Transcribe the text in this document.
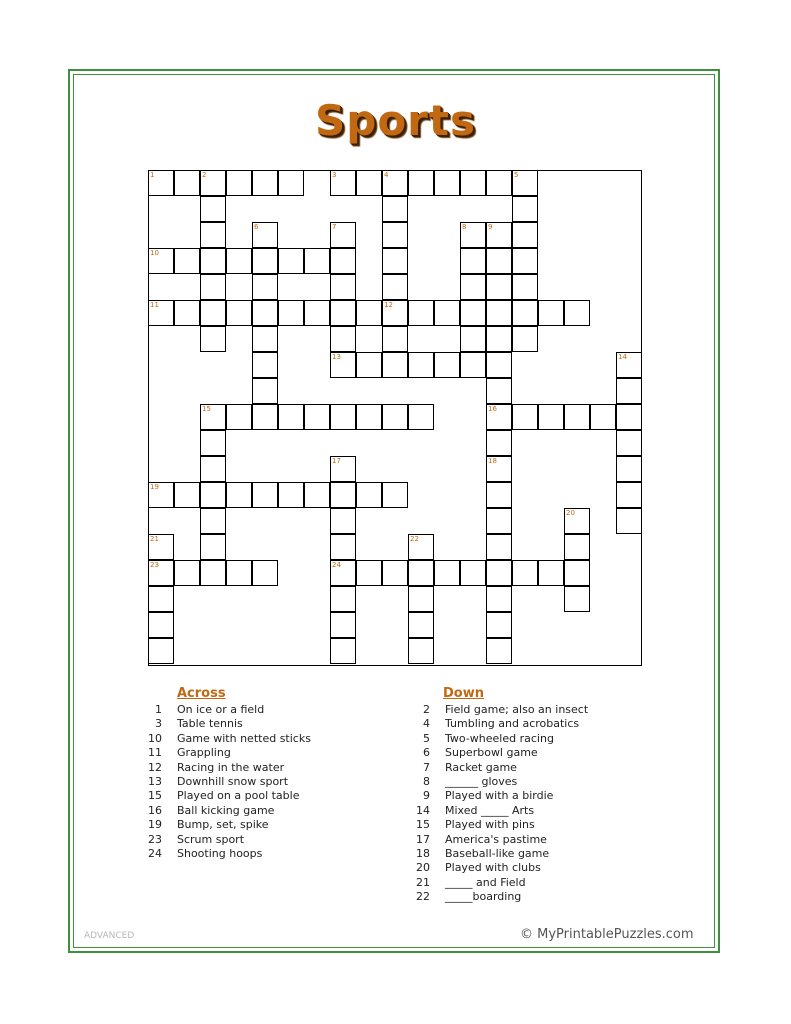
Sports
1	2	3	4	5
6	7	8	9
10
11	12
13	14
15	16
17	18
19
20
21	22
23	24
Across
1 On ice or a field
3 Table tennis
10 Game with netted sticks
11 Grappling
12 Racing in the water
13 Downhill snow sport
15 Played on a pool table
16 Ball kicking game
19 Bump, set, spike
23 Scrum sport
24 Shooting hoops
Down
2 Field game; also an insect
4 Tumbling and acrobatics
5 Two-wheeled racing
6 Superbowl game
7 Racket game
8 ______ gloves
9 Played with a birdie
14 Mixed _____ Arts
15 Played with pins
17 America's pastime
18 Baseball-like game
20 Played with clubs
21 _____ and Field
22 _____boarding
ADVANCED	© MyPrintablePuzzles.com
